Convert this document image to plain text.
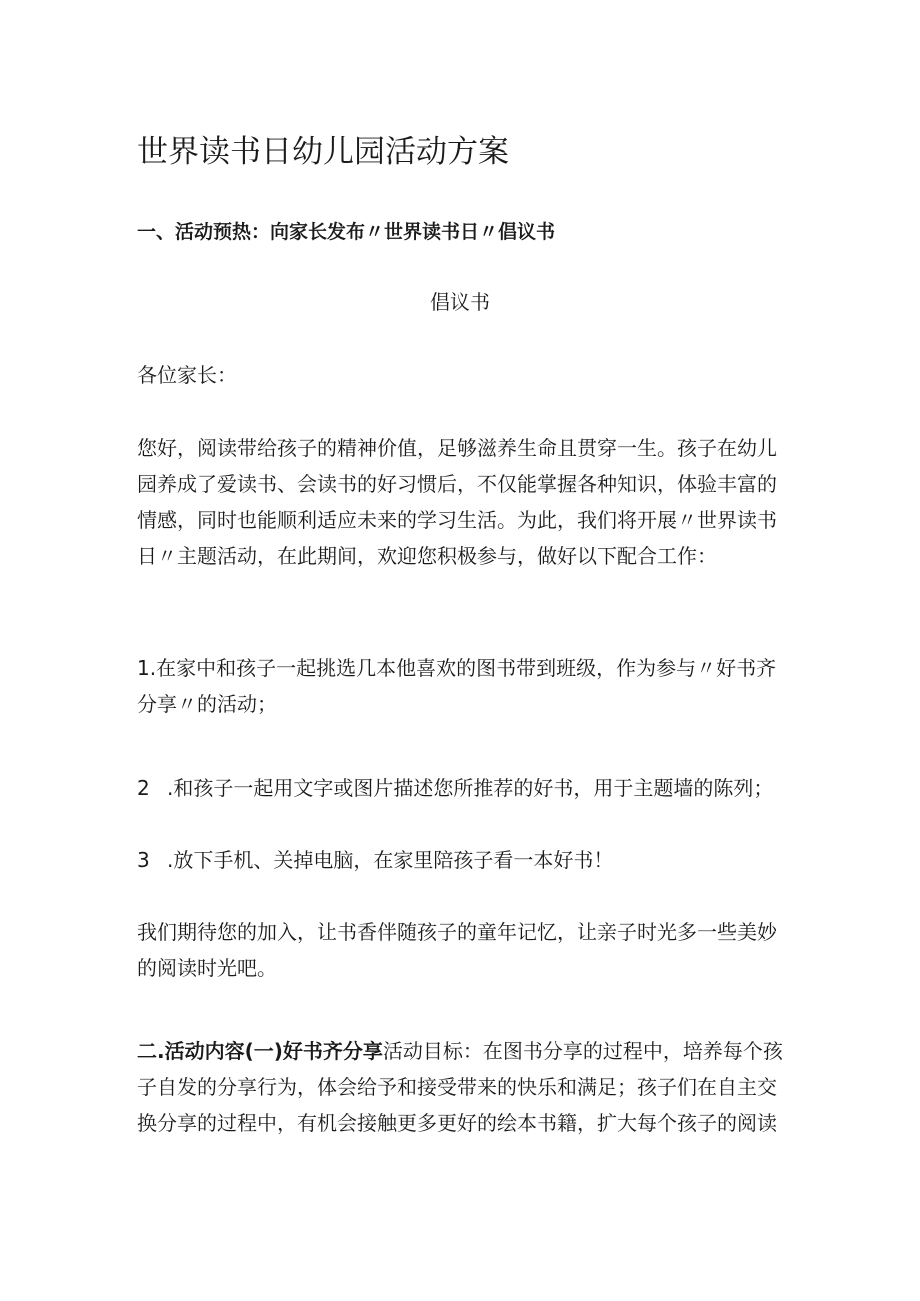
世界读书日幼儿园活动方案
一、活动预热：向家长发布〃世界读书日〃倡议书
倡议书
各位家长：
您好，阅读带给孩子的精神价值，足够滋养生命且贯穿一生。孩子在幼儿
园养成了爱读书、会读书的好习惯后，不仅能掌握各种知识，体验丰富的
情感，同时也能顺利适应未来的学习生活。为此，我们将开展〃世界读书
日〃主题活动，在此期间，欢迎您积极参与，做好以下配合工作：
1.在家中和孩子一起挑选几本他喜欢的图书带到班级，作为参与〃好书齐
分享〃的活动；
2 .和孩子一起用文字或图片描述您所推荐的好书，用于主题墙的陈列；
3 .放下手机、关掉电脑，在家里陪孩子看一本好书！
我们期待您的加入，让书香伴随孩子的童年记忆，让亲子时光多一些美妙
的阅读时光吧。
二.活动内容(一)好书齐分享活动目标：在图书分享的过程中，培养每个孩
子自发的分享行为，体会给予和接受带来的快乐和满足；孩子们在自主交
换分享的过程中，有机会接触更多更好的绘本书籍，扩大每个孩子的阅读
